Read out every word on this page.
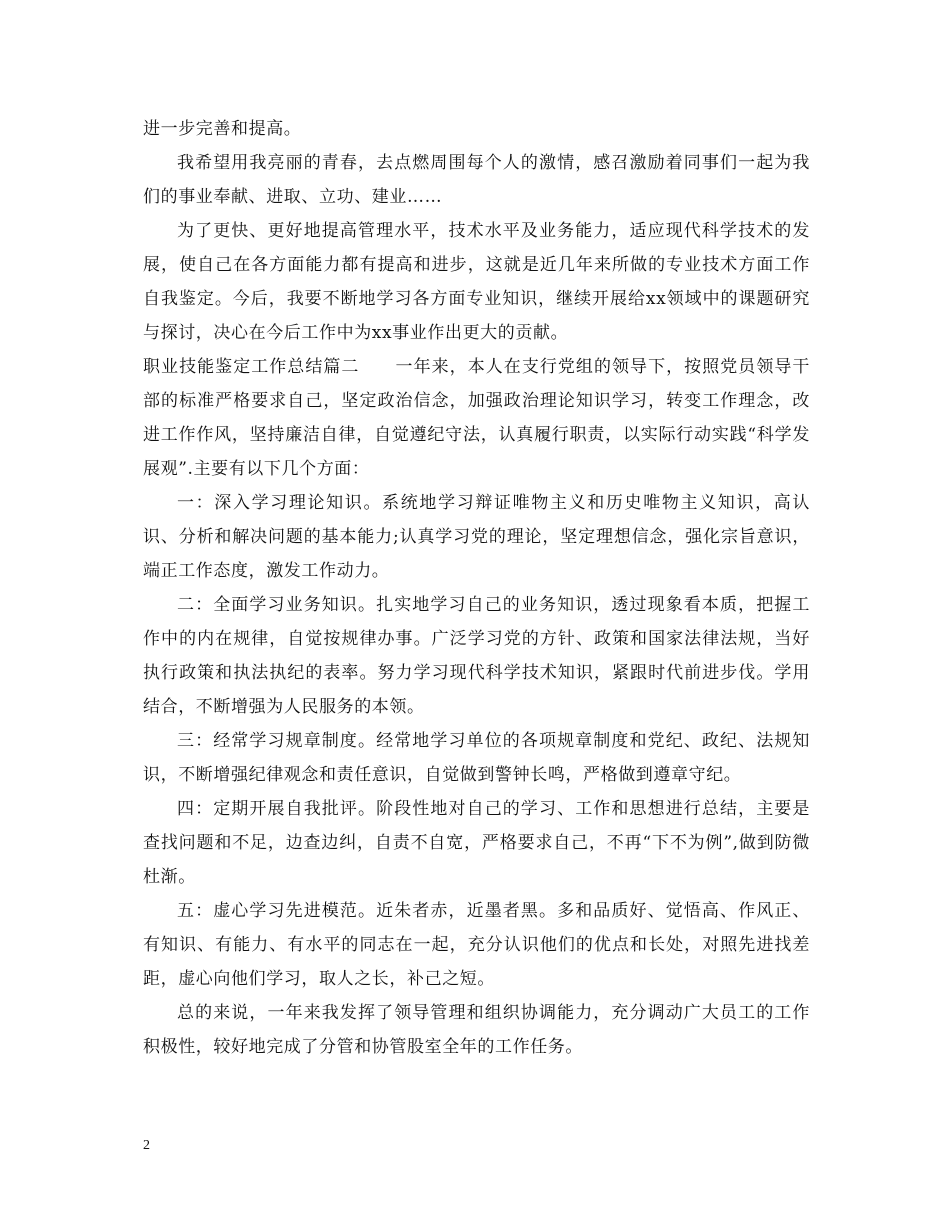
进一步完善和提高。

我希望用我亮丽的青春，去点燃周围每个人的激情，感召激励着同事们一起为我们的事业奉献、进取、立功、建业……

为了更快、更好地提高管理水平，技术水平及业务能力，适应现代科学技术的发展，使自己在各方面能力都有提高和进步，这就是近几年来所做的专业技术方面工作自我鉴定。今后，我要不断地学习各方面专业知识，继续开展给xx领域中的课题研究与探讨，决心在今后工作中为xx事业作出更大的贡献。

职业技能鉴定工作总结篇二　　一年来，本人在支行党组的领导下，按照党员领导干部的标准严格要求自己，坚定政治信念，加强政治理论知识学习，转变工作理念，改进工作作风，坚持廉洁自律，自觉遵纪守法，认真履行职责，以实际行动实践“科学发展观”.主要有以下几个方面：

一：深入学习理论知识。系统地学习辩证唯物主义和历史唯物主义知识，高认识、分析和解决问题的基本能力;认真学习党的理论，坚定理想信念，强化宗旨意识，端正工作态度，激发工作动力。

二：全面学习业务知识。扎实地学习自己的业务知识，透过现象看本质，把握工作中的内在规律，自觉按规律办事。广泛学习党的方针、政策和国家法律法规，当好执行政策和执法执纪的表率。努力学习现代科学技术知识，紧跟时代前进步伐。学用结合，不断增强为人民服务的本领。

三：经常学习规章制度。经常地学习单位的各项规章制度和党纪、政纪、法规知识，不断增强纪律观念和责任意识，自觉做到警钟长鸣，严格做到遵章守纪。

四：定期开展自我批评。阶段性地对自己的学习、工作和思想进行总结，主要是查找问题和不足，边查边纠，自责不自宽，严格要求自己，不再“下不为例”,做到防微杜渐。

五：虚心学习先进模范。近朱者赤，近墨者黑。多和品质好、觉悟高、作风正、有知识、有能力、有水平的同志在一起，充分认识他们的优点和长处，对照先进找差距，虚心向他们学习，取人之长，补己之短。

总的来说，一年来我发挥了领导管理和组织协调能力，充分调动广大员工的工作积极性，较好地完成了分管和协管股室全年的工作任务。

2
